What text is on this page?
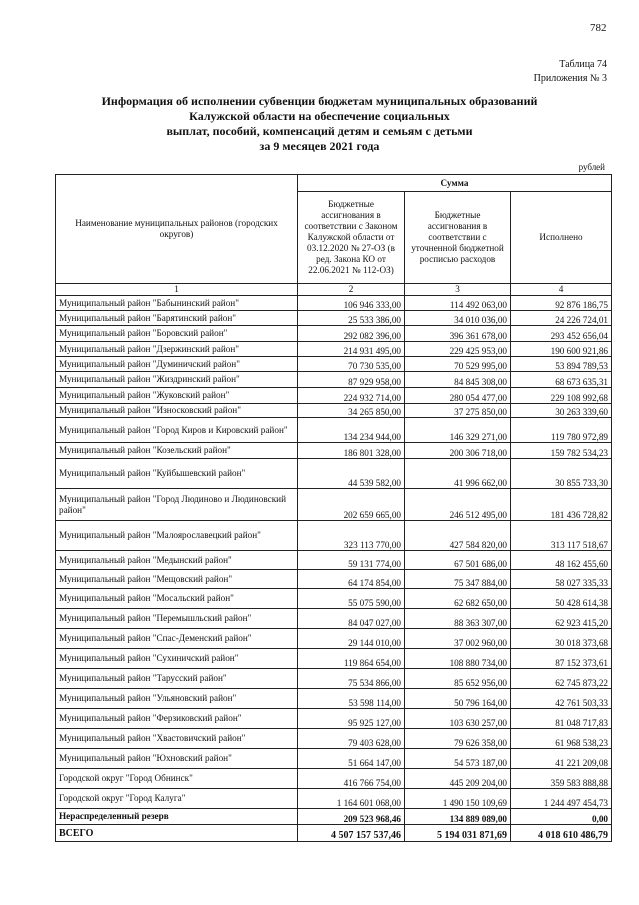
782
Таблица 74
Приложения № 3
Информация об исполнении субвенции бюджетам муниципальных образований
Калужской области на обеспечение социальных
выплат, пособий, компенсаций детям и семьям с детьми
за 9 месяцев 2021 года
рублей
Наименование муниципальных районов (городских округов)	Сумма		
	Бюджетные ассигнования в соответствии с Законом Калужской области от 03.12.2020 № 27-ОЗ (в ред. Закона КО от 22.06.2021 № 112-ОЗ)	Бюджетные ассигнования в соответствии с уточненной бюджетной росписью расходов	Исполнено
1	2	3	4
Муниципальный район "Бабынинский район"	106 946 333,00	114 492 063,00	92 876 186,75
Муниципальный район "Барятинский район"	25 533 386,00	34 010 036,00	24 226 724,01
Муниципальный район "Боровский район"	292 082 396,00	396 361 678,00	293 452 656,04
Муниципальный район "Дзержинский район"	214 931 495,00	229 425 953,00	190 600 921,86
Муниципальный район "Думиничский район"	70 730 535,00	70 529 995,00	53 894 789,53
Муниципальный район "Жиздринский район"	87 929 958,00	84 845 308,00	68 673 635,31
Муниципальный район "Жуковский район"	224 932 714,00	280 054 477,00	229 108 992,68
Муниципальный район "Износковский район"	34 265 850,00	37 275 850,00	30 263 339,60
Муниципальный район "Город Киров и Кировский район"	134 234 944,00	146 329 271,00	119 780 972,89
Муниципальный район "Козельский район"	186 801 328,00	200 306 718,00	159 782 534,23
Муниципальный район "Куйбышевский район"	44 539 582,00	41 996 662,00	30 855 733,30
Муниципальный район "Город Людиново и Людиновский район"	202 659 665,00	246 512 495,00	181 436 728,82
Муниципальный район "Малоярославецкий район"	323 113 770,00	427 584 820,00	313 117 518,67
Муниципальный район "Медынский район"	59 131 774,00	67 501 686,00	48 162 455,60
Муниципальный район "Мещовский район"	64 174 854,00	75 347 884,00	58 027 335,33
Муниципальный район "Мосальский район"	55 075 590,00	62 682 650,00	50 428 614,38
Муниципальный район "Перемышльский район"	84 047 027,00	88 363 307,00	62 923 415,20
Муниципальный район "Спас-Деменский район"	29 144 010,00	37 002 960,00	30 018 373,68
Муниципальный район "Сухиничский район"	119 864 654,00	108 880 734,00	87 152 373,61
Муниципальный район "Тарусский район"	75 534 866,00	85 652 956,00	62 745 873,22
Муниципальный район "Ульяновский район"	53 598 114,00	50 796 164,00	42 761 503,33
Муниципальный район "Ферзиковский район"	95 925 127,00	103 630 257,00	81 048 717,83
Муниципальный район "Хвастовичский район"	79 403 628,00	79 626 358,00	61 968 538,23
Муниципальный район "Юхновский район"	51 664 147,00	54 573 187,00	41 221 209,08
Городской округ "Город Обнинск"	416 766 754,00	445 209 204,00	359 583 888,88
Городской округ "Город Калуга"	1 164 601 068,00	1 490 150 109,69	1 244 497 454,73
Нераспределенный резерв	209 523 968,46	134 889 089,00	0,00
ВСЕГО	4 507 157 537,46	5 194 031 871,69	4 018 610 486,79
